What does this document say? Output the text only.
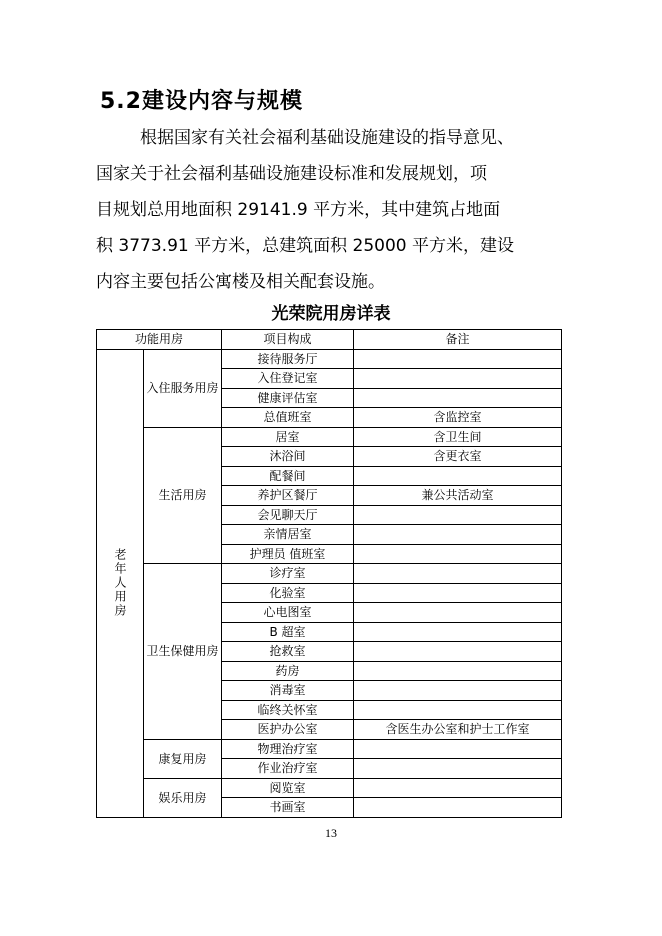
5.2建设内容与规模

根据国家有关社会福利基础设施建设的指导意见、

国家关于社会福利基础设施建设标准和发展规划，项

目规划总用地面积 29141.9 平方米，其中建筑占地面

积 3773.91 平方米，总建筑面积 25000 平方米，建设

内容主要包括公寓楼及相关配套设施。

光荣院用房详表

功能用房		项目构成	备注

老年人用房	入住服务用房	接待服务厅	
		入住登记室	
		健康评估室	
		总值班室	含监控室
	生活用房	居室	含卫生间
		沐浴间	含更衣室
		配餐间	
		养护区餐厅	兼公共活动室
		会见聊天厅	
		亲情居室	
		护理员 值班室	
	卫生保健用房	诊疗室	
		化验室	
		心电图室	
		B 超室	
		抢救室	
		药房	
		消毒室	
		临终关怀室	
		医护办公室	含医生办公室和护士工作室
	康复用房	物理治疗室	
		作业治疗室	
	娱乐用房	阅览室	
		书画室	

13
